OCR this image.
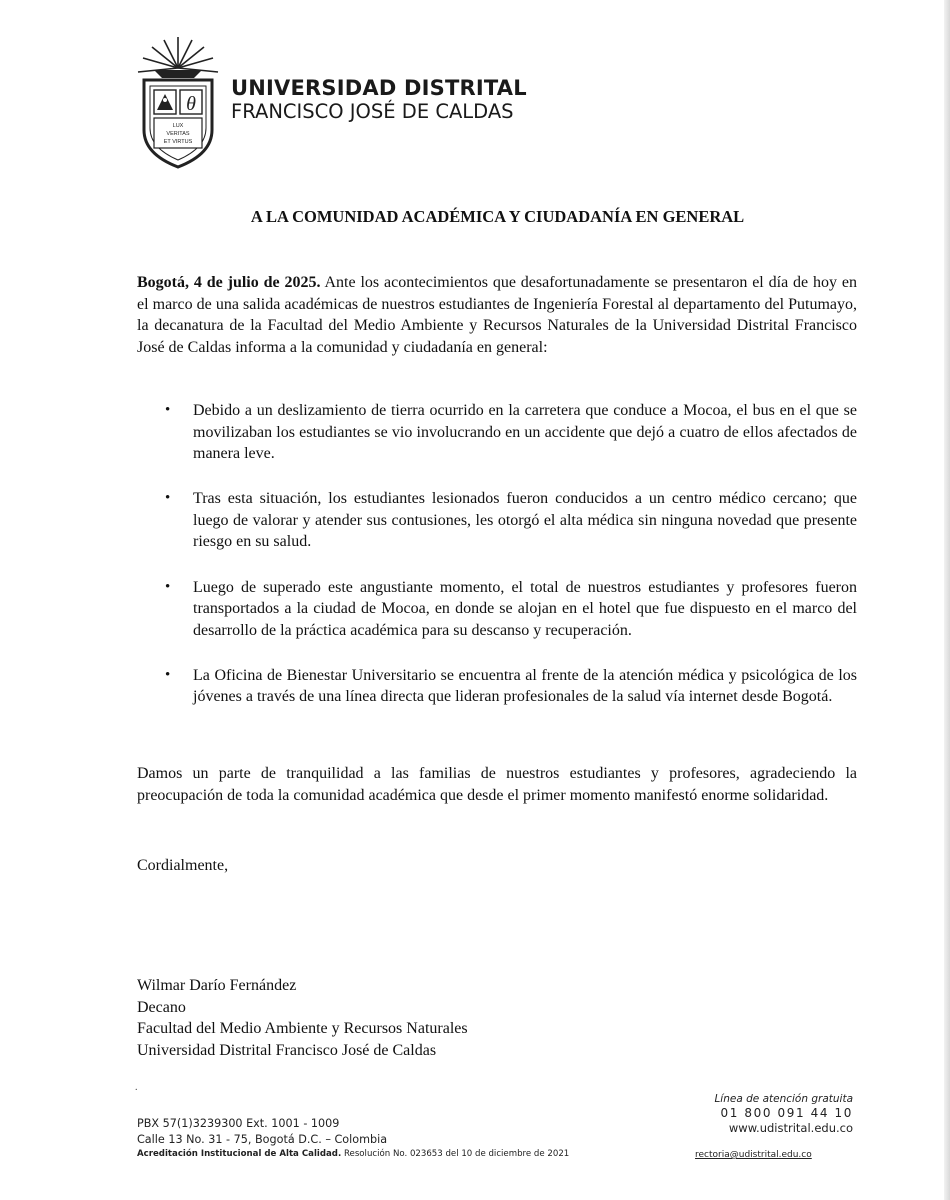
θ
LUX
VERITAS
ET VIRTUS
UNIVERSIDAD DISTRITAL
FRANCISCO JOSÉ DE CALDAS
A LA COMUNIDAD ACADÉMICA Y CIUDADANÍA EN GENERAL
Bogotá, 4 de julio de 2025. Ante los acontecimientos que desafortunadamente se presentaron el día de hoy en el marco de una salida académicas de nuestros estudiantes de Ingeniería Forestal al departamento del Putumayo, la decanatura de la Facultad del Medio Ambiente y Recursos Naturales de la Universidad Distrital Francisco José de Caldas informa a la comunidad y ciudadanía en general:
• Debido a un deslizamiento de tierra ocurrido en la carretera que conduce a Mocoa, el bus en el que se movilizaban los estudiantes se vio involucrando en un accidente que dejó a cuatro de ellos afectados de manera leve.
• Tras esta situación, los estudiantes lesionados fueron conducidos a un centro médico cercano; que luego de valorar y atender sus contusiones, les otorgó el alta médica sin ninguna novedad que presente riesgo en su salud.
• Luego de superado este angustiante momento, el total de nuestros estudiantes y profesores fueron transportados a la ciudad de Mocoa, en donde se alojan en el hotel que fue dispuesto en el marco del desarrollo de la práctica académica para su descanso y recuperación.
• La Oficina de Bienestar Universitario se encuentra al frente de la atención médica y psicológica de los jóvenes a través de una línea directa que lideran profesionales de la salud vía internet desde Bogotá.
Damos un parte de tranquilidad a las familias de nuestros estudiantes y profesores, agradeciendo la preocupación de toda la comunidad académica que desde el primer momento manifestó enorme solidaridad.
Cordialmente,
Wilmar Darío Fernández
Decano
Facultad del Medio Ambiente y Recursos Naturales
Universidad Distrital Francisco José de Caldas
.
PBX 57(1)3239300 Ext. 1001 - 1009
Calle 13 No. 31 - 75, Bogotá D.C. – Colombia
Acreditación Institucional de Alta Calidad. Resolución No. 023653 del 10 de diciembre de 2021
Línea de atención gratuita
01 800 091 44 10
www.udistrital.edu.co
rectoria@udistrital.edu.co
